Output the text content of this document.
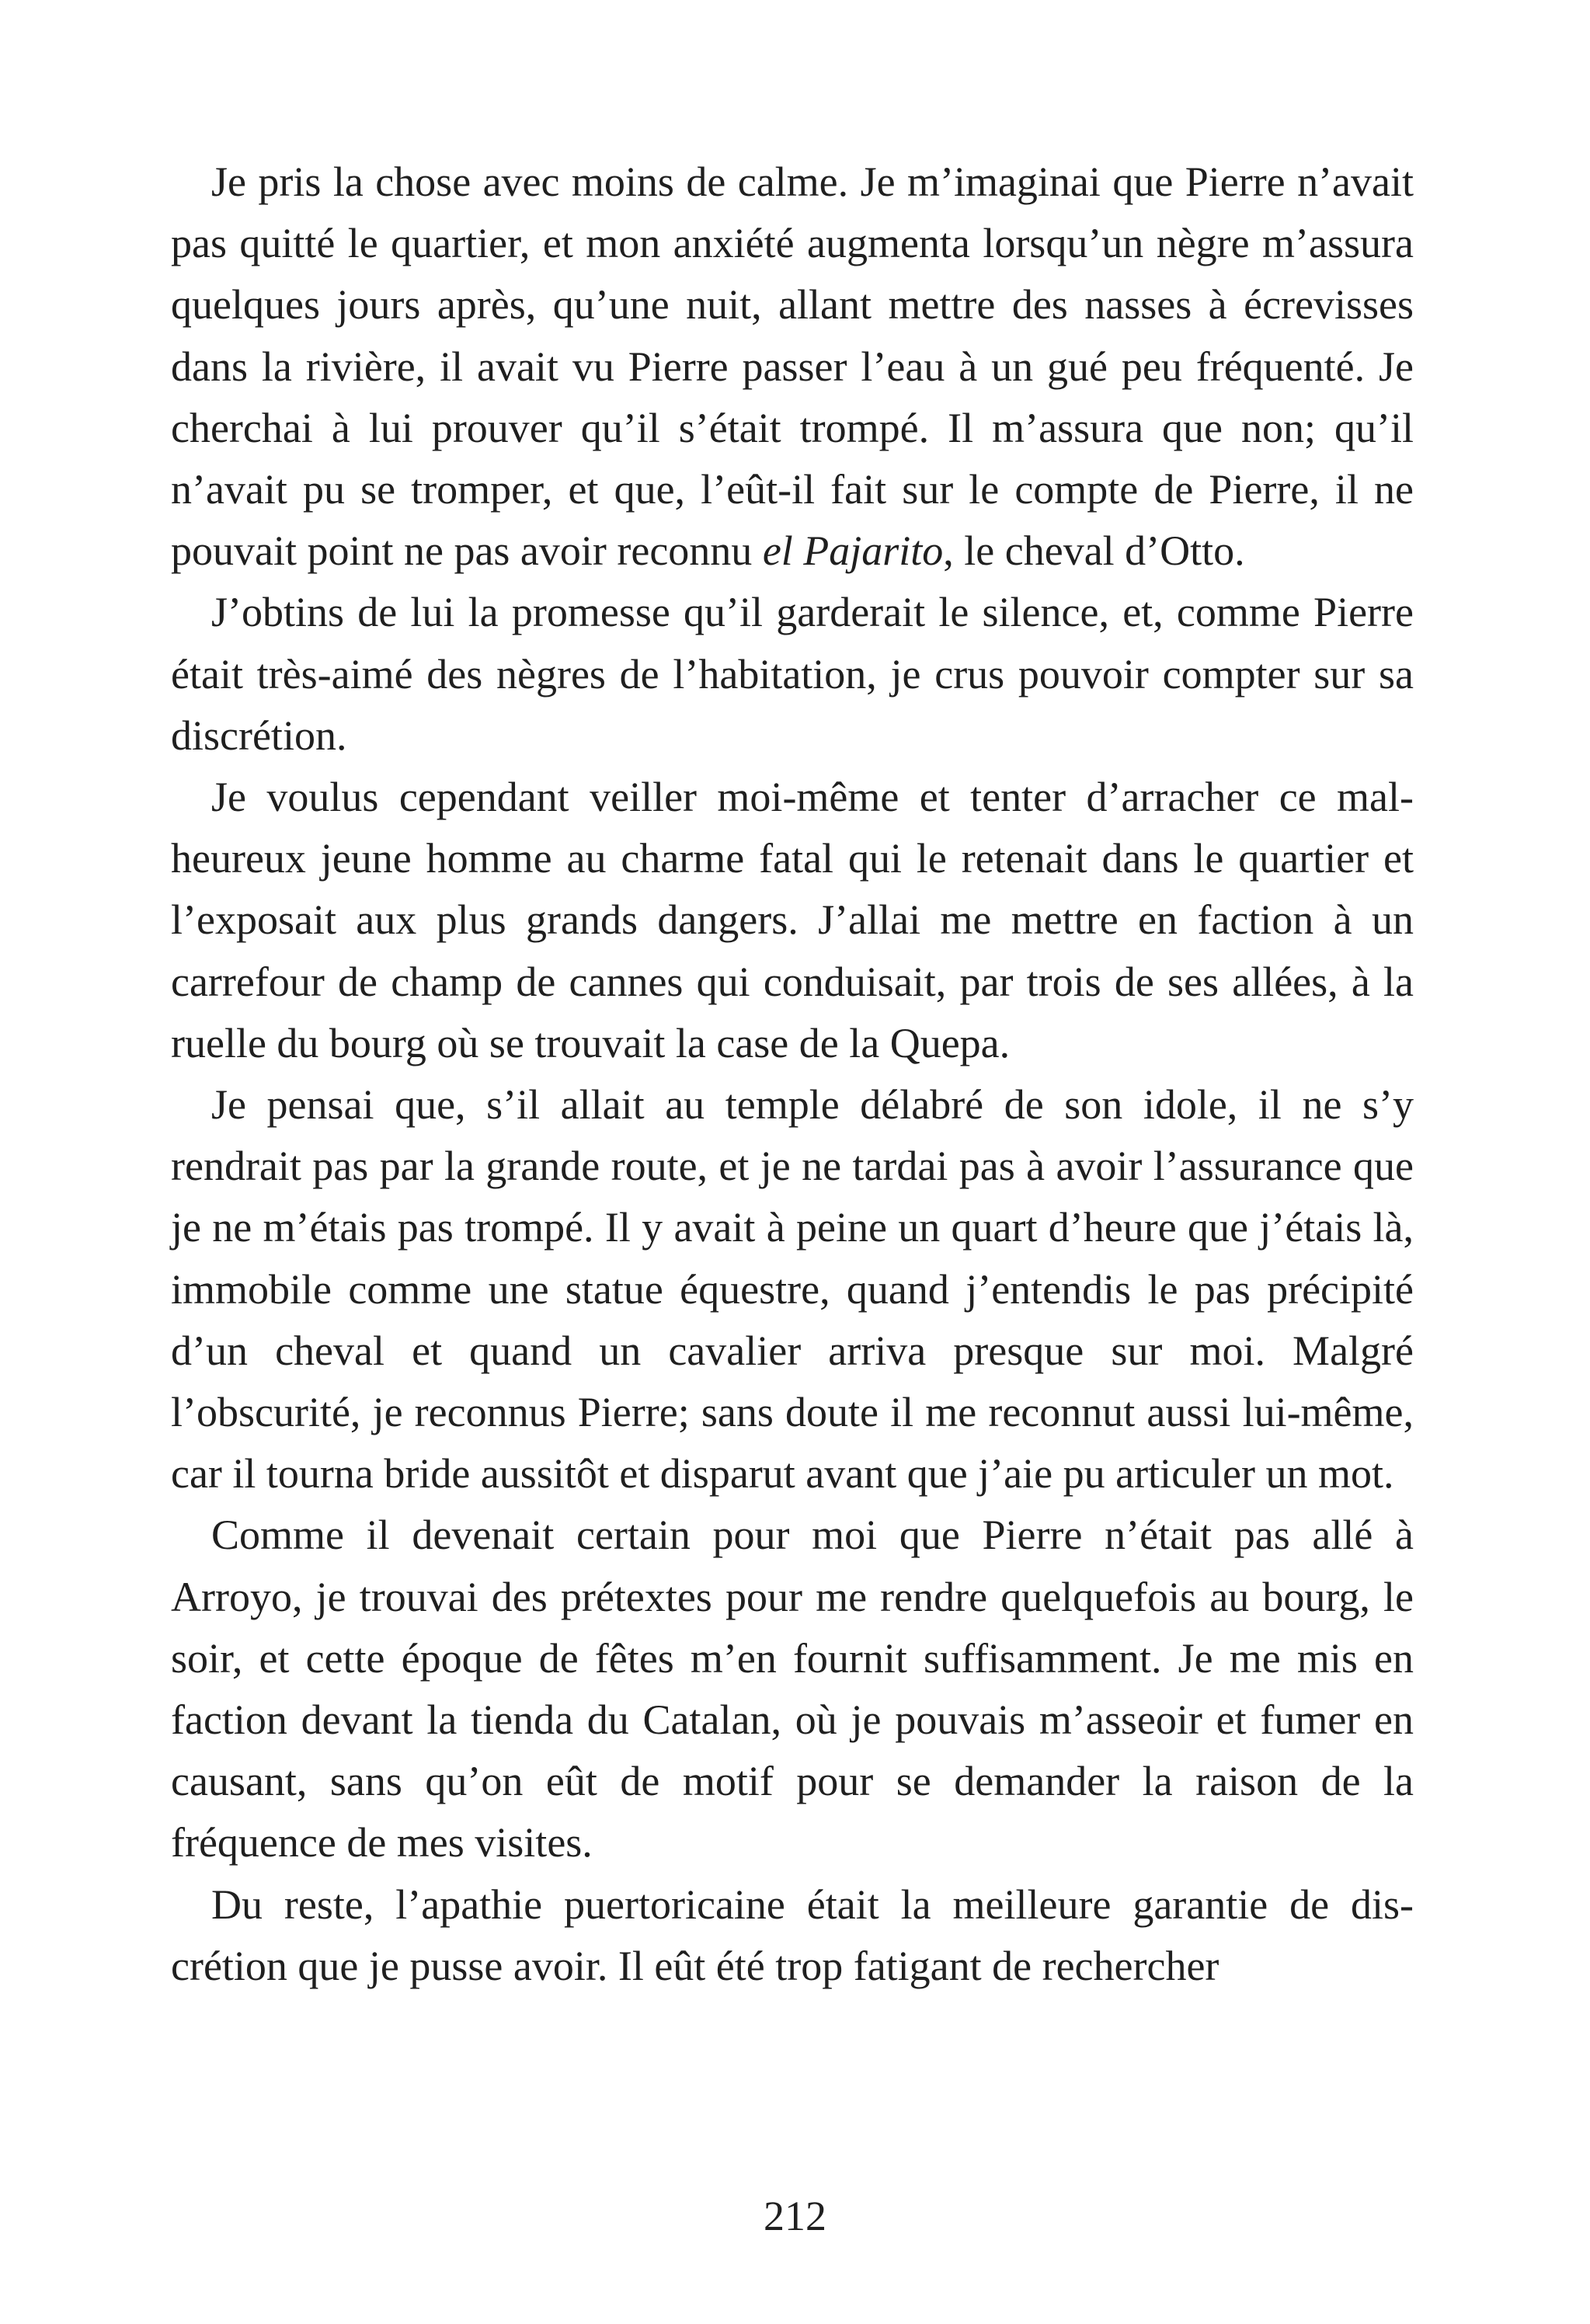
Je pris la chose avec moins de calme. Je m’imaginai que Pierre n’avait pas quitté le quartier, et mon anxiété augmenta lorsqu’un nègre m’assura quelques jours après, qu’une nuit, allant mettre des nasses à écrevisses dans la rivière, il avait vu Pierre passer l’eau à un gué peu fréquenté. Je cherchai à lui prouver qu’il s’était trompé. Il m’assura que non; qu’il n’avait pu se tromper, et que, l’eût-il fait sur le compte de Pierre, il ne pouvait point ne pas avoir reconnu el Pajarito, le cheval d’Otto.

J’obtins de lui la promesse qu’il garderait le silence, et, comme Pierre était très-aimé des nègres de l’habitation, je crus pouvoir compter sur sa discrétion.

Je voulus cependant veiller moi-même et tenter d’arracher ce malheureux jeune homme au charme fatal qui le retenait dans le quartier et l’exposait aux plus grands dangers. J’allai me mettre en faction à un carrefour de champ de cannes qui conduisait, par trois de ses allées, à la ruelle du bourg où se trouvait la case de la Quepa.

Je pensai que, s’il allait au temple délabré de son idole, il ne s’y rendrait pas par la grande route, et je ne tardai pas à avoir l’assurance que je ne m’étais pas trompé. Il y avait à peine un quart d’heure que j’étais là, immobile comme une statue équestre, quand j’entendis le pas précipité d’un cheval et quand un cavalier arriva presque sur moi. Malgré l’obscurité, je reconnus Pierre; sans doute il me reconnut aussi lui-même, car il tourna bride aussitôt et disparut avant que j’aie pu articuler un mot.

Comme il devenait certain pour moi que Pierre n’était pas allé à Arroyo, je trouvai des prétextes pour me rendre quelquefois au bourg, le soir, et cette époque de fêtes m’en fournit suffisamment. Je me mis en faction devant la tienda du Catalan, où je pouvais m’asseoir et fumer en causant, sans qu’on eût de motif pour se demander la raison de la fréquence de mes visites.

Du reste, l’apathie puertoricaine était la meilleure garantie de discrétion que je pusse avoir. Il eût été trop fatigant de rechercher

212
